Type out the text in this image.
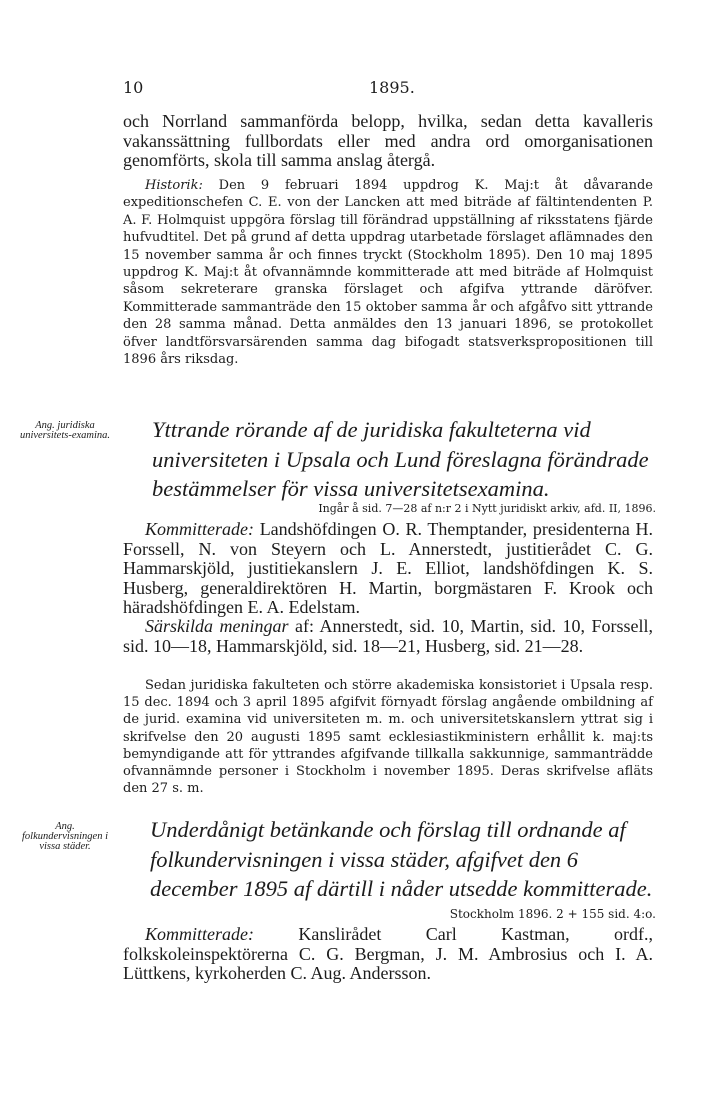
10	1895.
och Norrland sammanförda belopp, hvilka, sedan detta kavalleris vakanssättning fullbordats eller med andra ord omorganisationen genomförts, skola till samma anslag återgå.
Historik: Den 9 februari 1894 uppdrog K. Maj:t åt dåvarande expeditionschefen C. E. von der Lancken att med biträde af fältintendenten P. A. F. Holmquist uppgöra förslag till förändrad uppställning af riksstatens fjärde hufvudtitel. Det på grund af detta uppdrag utarbetade förslaget aflämnades den 15 november samma år och finnes tryckt (Stockholm 1895). Den 10 maj 1895 uppdrog K. Maj:t åt ofvannämnde kommitterade att med biträde af Holmquist såsom sekreterare granska förslaget och afgifva yttrande däröfver. Kommitterade sammanträde den 15 oktober samma år och afgåfvo sitt yttrande den 28 samma månad. Detta anmäldes den 13 januari 1896, se protokollet öfver landtförsvarsärenden samma dag bifogadt statsverkspropositionen till 1896 års riksdag.
Ang. juridiska universitets-examina. Yttrande rörande af de juridiska fakulteterna vid universiteten i Upsala och Lund föreslagna förändrade bestämmelser för vissa universitetsexamina.
Ingår å sid. 7—28 af n:r 2 i Nytt juridiskt arkiv, afd. II, 1896.
Kommitterade: Landshöfdingen O. R. Themptander, presidenterna H. Forssell, N. von Steyern och L. Annerstedt, justitierådet C. G. Hammarskjöld, justitiekanslern J. E. Elliot, landshöfdingen K. S. Husberg, generaldirektören H. Martin, borgmästaren F. Krook och häradshöfdingen E. A. Edelstam.
Särskilda meningar af: Annerstedt, sid. 10, Martin, sid. 10, Forssell, sid. 10—18, Hammarskjöld, sid. 18—21, Husberg, sid. 21—28.
Sedan juridiska fakulteten och större akademiska konsistoriet i Upsala resp. 15 dec. 1894 och 3 april 1895 afgifvit förnyadt förslag angående ombildning af de jurid. examina vid universiteten m. m. och universitetskanslern yttrat sig i skrifvelse den 20 augusti 1895 samt ecklesiastikministern erhållit k. maj:ts bemyndigande att för yttrandes afgifvande tillkalla sakkunnige, sammanträdde ofvannämnde personer i Stockholm i november 1895. Deras skrifvelse afläts den 27 s. m.
Ang. folkundervisningen i vissa städer.
Underdånigt betänkande och förslag till ordnande af folkundervisningen i vissa städer, afgifvet den 6 december 1895 af därtill i nåder utsedde kommitterade.
Stockholm 1896. 2 + 155 sid. 4:o.
Kommitterade: Kanslirådet Carl Kastman, ordf., folkskoleinspektörerna C. G. Bergman, J. M. Ambrosius och I. A. Lüttkens, kyrkoherden C. Aug. Andersson.
